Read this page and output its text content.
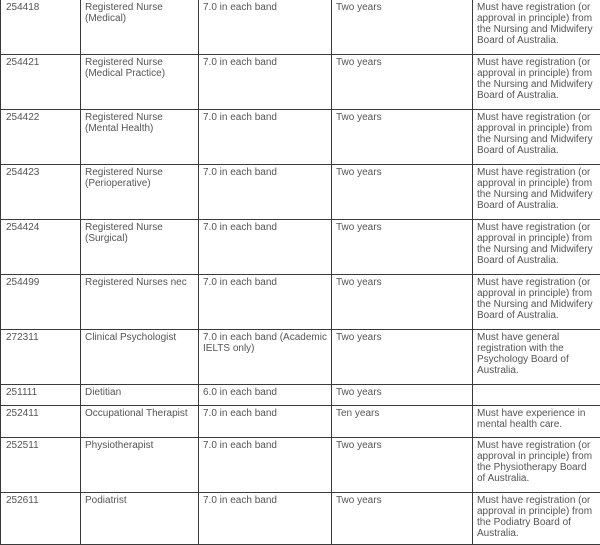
254418	Registered Nurse (Medical)	7.0 in each band	Two years	Must have registration (or approval in principle) from the Nursing and Midwifery Board of Australia.
254421	Registered Nurse (Medical Practice)	7.0 in each band	Two years	Must have registration (or approval in principle) from the Nursing and Midwifery Board of Australia.
254422	Registered Nurse (Mental Health)	7.0 in each band	Two years	Must have registration (or approval in principle) from the Nursing and Midwifery Board of Australia.
254423	Registered Nurse (Perioperative)	7.0 in each band	Two years	Must have registration (or approval in principle) from the Nursing and Midwifery Board of Australia.
254424	Registered Nurse (Surgical)	7.0 in each band	Two years	Must have registration (or approval in principle) from the Nursing and Midwifery Board of Australia.
254499	Registered Nurses nec	7.0 in each band	Two years	Must have registration (or approval in principle) from the Nursing and Midwifery Board of Australia.
272311	Clinical Psychologist	7.0 in each band (Academic IELTS only)	Two years	Must have general registration with the Psychology Board of Australia.
251111	Dietitian	6.0 in each band	Two years	
252411	Occupational Therapist	7.0 in each band	Ten years	Must have experience in mental health care.
252511	Physiotherapist	7.0 in each band	Two years	Must have registration (or approval in principle) from the Physiotherapy Board of Australia.
252611	Podiatrist	7.0 in each band	Two years	Must have registration (or approval in principle) from the Podiatry Board of Australia.
